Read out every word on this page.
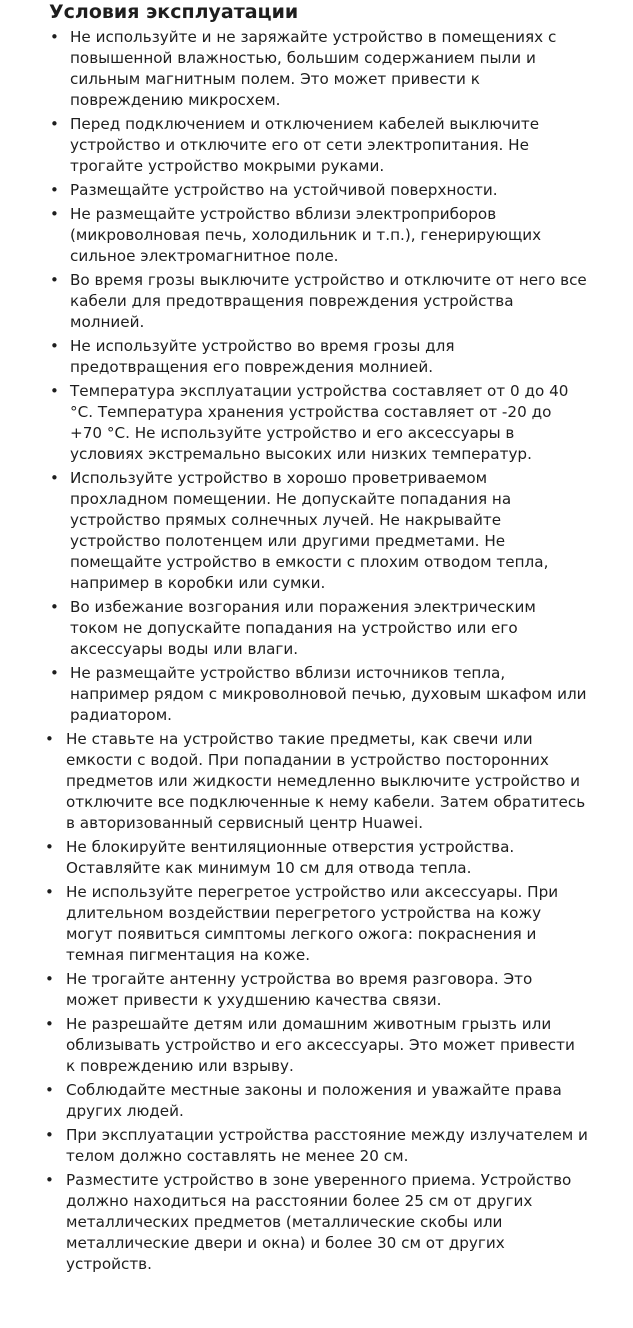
Условия эксплуатации
• Не используйте и не заряжайте устройство в помещениях с повышенной влажностью, большим содержанием пыли и сильным магнитным полем. Это может привести к повреждению микросхем.
• Перед подключением и отключением кабелей выключите устройство и отключите его от сети электропитания. Не трогайте устройство мокрыми руками.
• Размещайте устройство на устойчивой поверхности.
• Не размещайте устройство вблизи электроприборов (микроволновая печь, холодильник и т.п.), генерирующих сильное электромагнитное поле.
• Во время грозы выключите устройство и отключите от него все кабели для предотвращения повреждения устройства молнией.
• Не используйте устройство во время грозы для предотвращения его повреждения молнией.
• Температура эксплуатации устройства составляет от 0 до 40 °C. Температура хранения устройства составляет от -20 до +70 °C. Не используйте устройство и его аксессуары в условиях экстремально высоких или низких температур.
• Используйте устройство в хорошо проветриваемом прохладном помещении. Не допускайте попадания на устройство прямых солнечных лучей. Не накрывайте устройство полотенцем или другими предметами. Не помещайте устройство в емкости с плохим отводом тепла, например в коробки или сумки.
• Во избежание возгорания или поражения электрическим током не допускайте попадания на устройство или его аксессуары воды или влаги.
• Не размещайте устройство вблизи источников тепла, например рядом с микроволновой печью, духовым шкафом или радиатором.
• Не ставьте на устройство такие предметы, как свечи или емкости с водой. При попадании в устройство посторонних предметов или жидкости немедленно выключите устройство и отключите все подключенные к нему кабели. Затем обратитесь в авторизованный сервисный центр Huawei.
• Не блокируйте вентиляционные отверстия устройства. Оставляйте как минимум 10 см для отвода тепла.
• Не используйте перегретое устройство или аксессуары. При длительном воздействии перегретого устройства на кожу могут появиться симптомы легкого ожога: покраснения и темная пигментация на коже.
• Не трогайте антенну устройства во время разговора. Это может привести к ухудшению качества связи.
• Не разрешайте детям или домашним животным грызть или облизывать устройство и его аксессуары. Это может привести к повреждению или взрыву.
• Соблюдайте местные законы и положения и уважайте права других людей.
• При эксплуатации устройства расстояние между излучателем и телом должно составлять не менее 20 см.
• Разместите устройство в зоне уверенного приема. Устройство должно находиться на расстоянии более 25 см от других металлических предметов (металлические скобы или металлические двери и окна) и более 30 см от других устройств.
